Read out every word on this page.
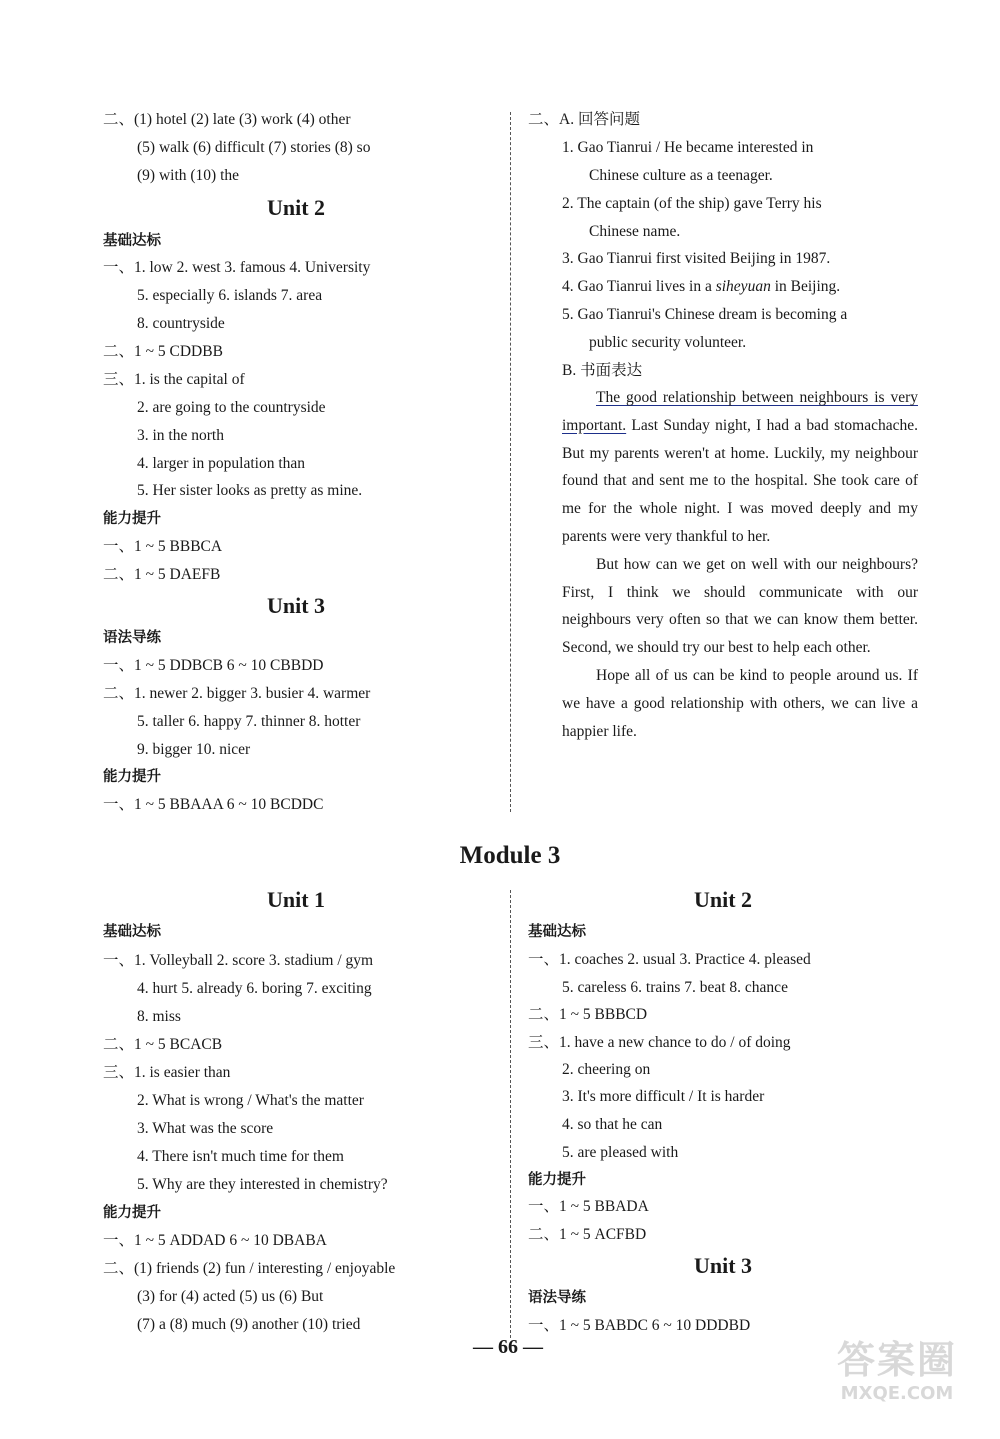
二、(1) hotel (2) late (3) work (4) other
(5) walk (6) difficult (7) stories (8) so
(9) with (10) the
Unit 2
基础达标
一、1. low 2. west 3. famous 4. University
5. especially 6. islands 7. area
8. countryside
二、1 ~ 5 CDDBB
三、1. is the capital of
2. are going to the countryside
3. in the north
4. larger in population than
5. Her sister looks as pretty as mine.
能力提升
一、1 ~ 5 BBBCA
二、1 ~ 5 DAEFB
Unit 3
语法导练
一、1 ~ 5 DDBCB 6 ~ 10 CBBDD
二、1. newer 2. bigger 3. busier 4. warmer
5. taller 6. happy 7. thinner 8. hotter
9. bigger 10. nicer
能力提升
一、1 ~ 5 BBAAA 6 ~ 10 BCDDC
二、A. 回答问题
1. Gao Tianrui / He became interested in
Chinese culture as a teenager.
2. The captain (of the ship) gave Terry his
Chinese name.
3. Gao Tianrui first visited Beijing in 1987.
4. Gao Tianrui lives in a siheyuan in Beijing.
5. Gao Tianrui's Chinese dream is becoming a
public security volunteer.
B. 书面表达

The good relationship between neighbours is very important. Last Sunday night, I had a bad stomachache. But my parents weren't at home. Luckily, my neighbour found that and sent me to the hospital. She took care of me for the whole night. I was moved deeply and my parents were very thankful to her.

But how can we get on well with our neighbours? First, I think we should communicate with our neighbours very often so that we can know them better. Second, we should try our best to help each other.

Hope all of us can be kind to people around us. If we have a good relationship with others, we can live a happier life.

Module 3
Unit 1
基础达标
一、1. Volleyball 2. score 3. stadium / gym
4. hurt 5. already 6. boring 7. exciting
8. miss
二、1 ~ 5 BCACB
三、1. is easier than
2. What is wrong / What's the matter
3. What was the score
4. There isn't much time for them
5. Why are they interested in chemistry?
能力提升
一、1 ~ 5 ADDAD 6 ~ 10 DBABA
二、(1) friends (2) fun / interesting / enjoyable
(3) for (4) acted (5) us (6) But
(7) a (8) much (9) another (10) tried
Unit 2
基础达标
一、1. coaches 2. usual 3. Practice 4. pleased
5. careless 6. trains 7. beat 8. chance
二、1 ~ 5 BBBCD
三、1. have a new chance to do / of doing
2. cheering on
3. It's more difficult / It is harder
4. so that he can
5. are pleased with
能力提升
一、1 ~ 5 BBADA
二、1 ~ 5 ACFBD
Unit 3
语法导练
一、1 ~ 5 BABDC 6 ~ 10 DDDBD
— 66 —	答案圈
MXQE.COM
